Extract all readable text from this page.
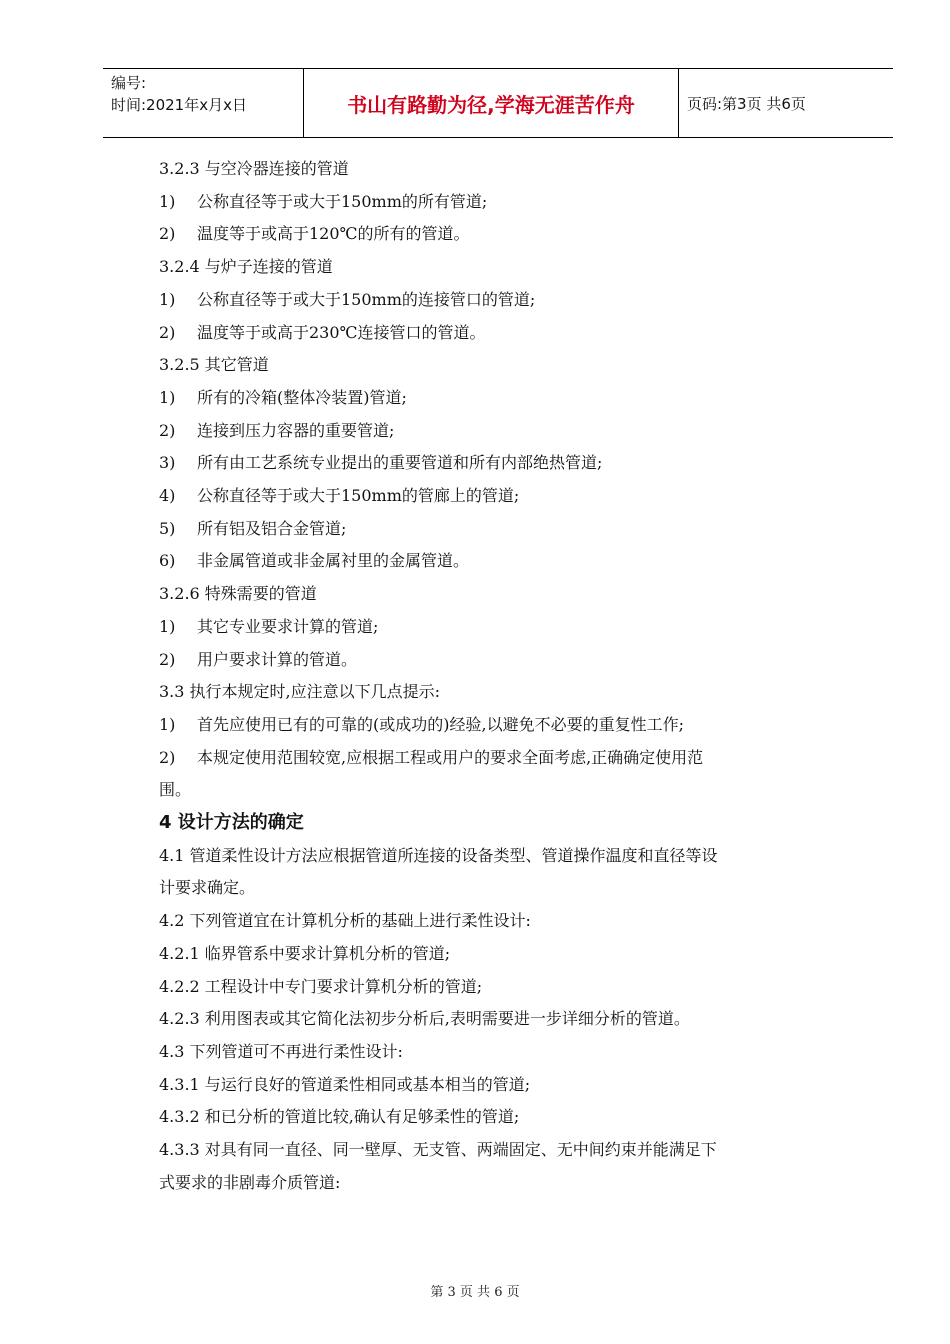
编号:
时间:2021年x月x日	书山有路勤为径,学海无涯苦作舟	页码:第3页 共6页
3.2.3 与空冷器连接的管道
1) 公称直径等于或大于150mm的所有管道;
2) 温度等于或高于120℃的所有的管道。
3.2.4 与炉子连接的管道
1) 公称直径等于或大于150mm的连接管口的管道;
2) 温度等于或高于230℃连接管口的管道。
3.2.5 其它管道
1) 所有的冷箱(整体冷装置)管道;
2) 连接到压力容器的重要管道;
3) 所有由工艺系统专业提出的重要管道和所有内部绝热管道;
4) 公称直径等于或大于150mm的管廊上的管道;
5) 所有铝及铝合金管道;
6) 非金属管道或非金属衬里的金属管道。
3.2.6 特殊需要的管道
1) 其它专业要求计算的管道;
2) 用户要求计算的管道。
3.3 执行本规定时,应注意以下几点提示:
1) 首先应使用已有的可靠的(或成功的)经验,以避免不必要的重复性工作;
2) 本规定使用范围较宽,应根据工程或用户的要求全面考虑,正确确定使用范
围。
4 设计方法的确定
4.1 管道柔性设计方法应根据管道所连接的设备类型、管道操作温度和直径等设
计要求确定。
4.2 下列管道宜在计算机分析的基础上进行柔性设计:
4.2.1 临界管系中要求计算机分析的管道;
4.2.2 工程设计中专门要求计算机分析的管道;
4.2.3 利用图表或其它简化法初步分析后,表明需要进一步详细分析的管道。
4.3 下列管道可不再进行柔性设计:
4.3.1 与运行良好的管道柔性相同或基本相当的管道;
4.3.2 和已分析的管道比较,确认有足够柔性的管道;
4.3.3 对具有同一直径、同一壁厚、无支管、两端固定、无中间约束并能满足下
式要求的非剧毒介质管道:
第 3 页 共 6 页
